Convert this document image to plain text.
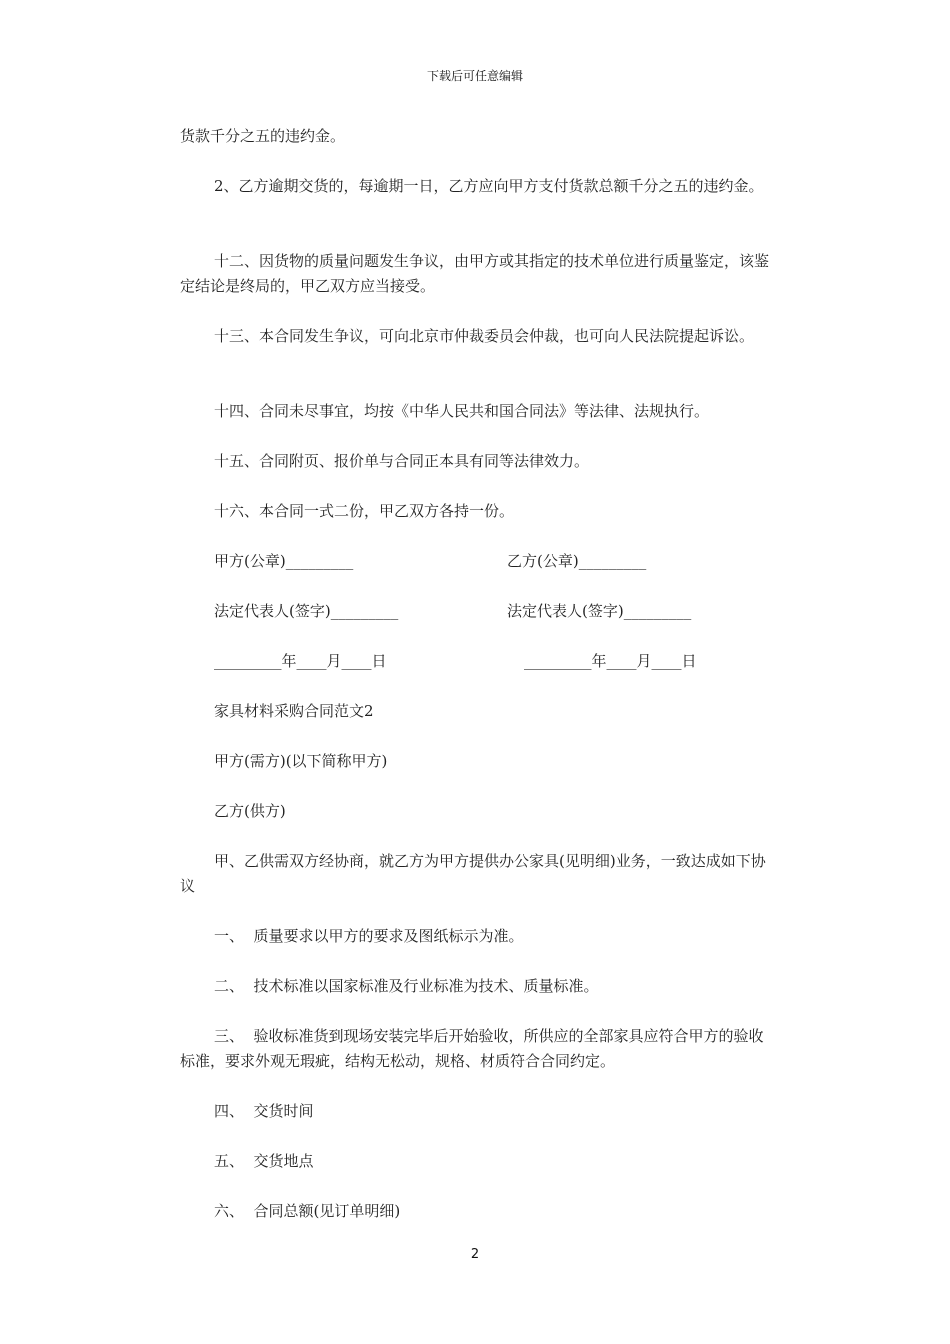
下载后可任意编辑

货款千分之五的违约金。

2、乙方逾期交货的，每逾期一日，乙方应向甲方支付货款总额千分之五的违约金。

十二、因货物的质量问题发生争议，由甲方或其指定的技术单位进行质量鉴定，该鉴定结论是终局的，甲乙双方应当接受。

十三、本合同发生争议，可向北京市仲裁委员会仲裁，也可向人民法院提起诉讼。

十四、合同未尽事宜，均按《中华人民共和国合同法》等法律、法规执行。

十五、合同附页、报价单与合同正本具有同等法律效力。

十六、本合同一式二份，甲乙双方各持一份。

甲方(公章)_________	乙方(公章)_________
法定代表人(签字)_________	法定代表人(签字)_________
_________年____月____日	_________年____月____日

家具材料采购合同范文2

甲方(需方)(以下简称甲方)

乙方(供方)

甲、乙供需双方经协商，就乙方为甲方提供办公家具(见明细)业务，一致达成如下协议

一、  质量要求以甲方的要求及图纸标示为准。

二、  技术标准以国家标准及行业标准为技术、质量标准。

三、  验收标准货到现场安装完毕后开始验收，所供应的全部家具应符合甲方的验收标准，要求外观无瑕疵，结构无松动，规格、材质符合合同约定。

四、  交货时间

五、  交货地点

六、  合同总额(见订单明细)

2
